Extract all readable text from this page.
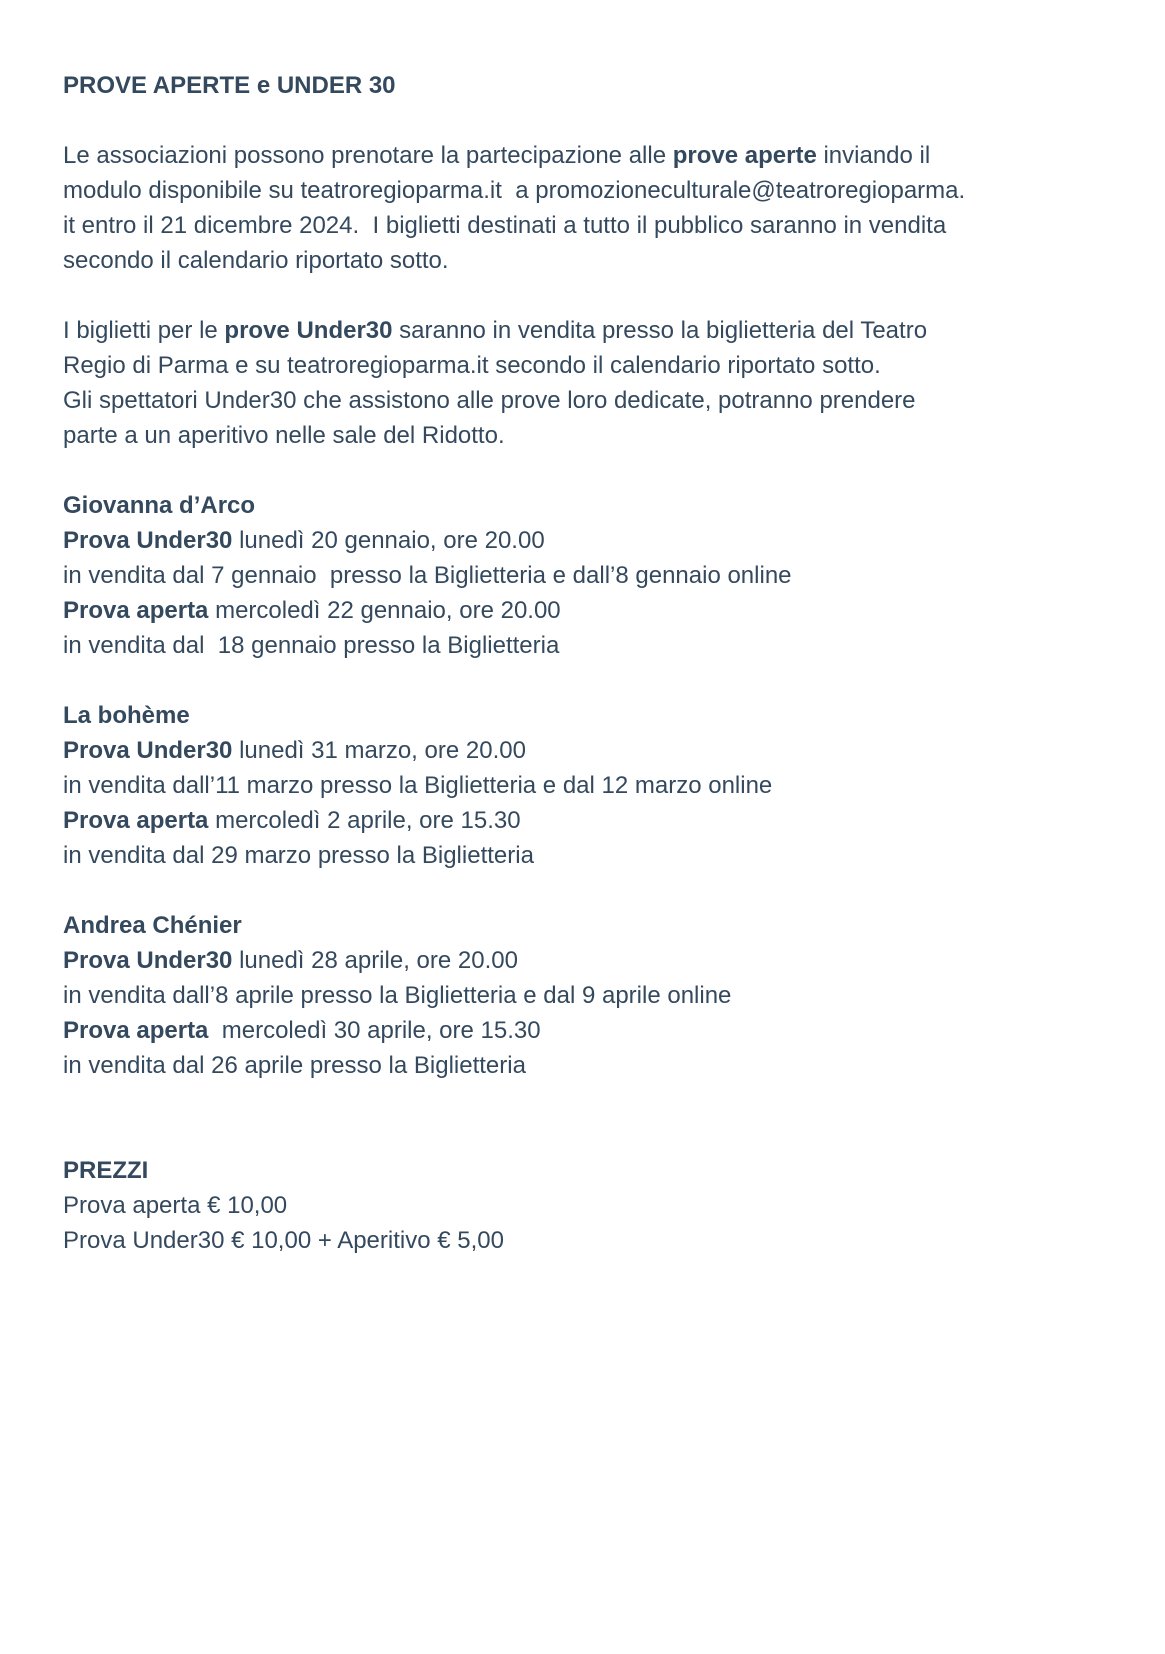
PROVE APERTE e UNDER 30

Le associazioni possono prenotare la partecipazione alle prove aperte inviando il
modulo disponibile su teatroregioparma.it  a promozioneculturale@teatroregioparma.
it entro il 21 dicembre 2024.  I biglietti destinati a tutto il pubblico saranno in vendita
secondo il calendario riportato sotto.
I biglietti per le prove Under30 saranno in vendita presso la biglietteria del Teatro
Regio di Parma e su teatroregioparma.it secondo il calendario riportato sotto.
Gli spettatori Under30 che assistono alle prove loro dedicate, potranno prendere
parte a un aperitivo nelle sale del Ridotto.
Giovanna d’Arco
Prova Under30 lunedì 20 gennaio, ore 20.00
in vendita dal 7 gennaio  presso la Biglietteria e dall’8 gennaio online
Prova aperta mercoledì 22 gennaio, ore 20.00
in vendita dal  18 gennaio presso la Biglietteria
La bohème
Prova Under30 lunedì 31 marzo, ore 20.00
in vendita dall’11 marzo presso la Biglietteria e dal 12 marzo online
Prova aperta mercoledì 2 aprile, ore 15.30
in vendita dal 29 marzo presso la Biglietteria
Andrea Chénier
Prova Under30 lunedì 28 aprile, ore 20.00
in vendita dall’8 aprile presso la Biglietteria e dal 9 aprile online
Prova aperta  mercoledì 30 aprile, ore 15.30
in vendita dal 26 aprile presso la Biglietteria
PREZZI
Prova aperta € 10,00
Prova Under30 € 10,00 + Aperitivo € 5,00
